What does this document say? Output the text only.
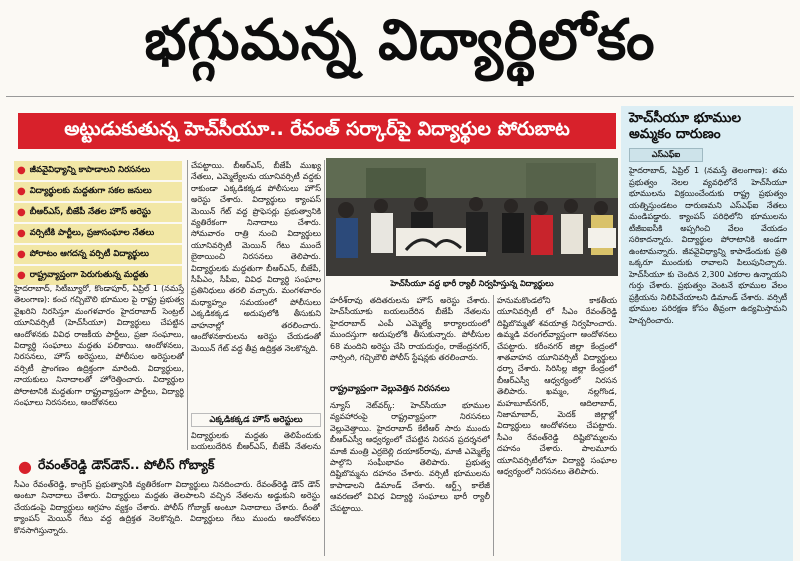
భగ్గుమన్న విద్యార్థిలోకం
అట్టుడుకుతున్న హెచ్‌సీయూ.. రేవంత్ సర్కార్‌పై విద్యార్థుల పోరుబాట
● జీవవైవిధ్యాన్ని కాపాడాలని నిరసనలు
● విద్యార్థులకు మద్దతుగా సకల జనులు
● బీఆర్ఎస్, బీజేపీ నేతల హౌస్ అరెస్టు
● వర్సిటీకి పార్టీలు, ప్రజాసంఘాల నేతలు
● పోరాటం ఆగదన్న వర్సిటీ విద్యార్థులు
● రాష్ట్రవ్యాప్తంగా పెరుగుతున్న మద్దతు

హైదరాబాద్, సిటీబ్యూరో, కొండాపూర్, ఏప్రిల్ 1 (నమస్తే తెలంగాణ): కంచ గచ్చిబౌలి భూముల పై రాష్ట్ర ప్రభుత్వ వైఖరిని నిరసిస్తూ మంగళవారం హైదరాబాద్ సెంట్రల్ యూనివర్సిటీ (హెచ్‌సీయూ) విద్యార్థులు చేపట్టిన ఆందోళనకు వివిధ రాజకీయ పార్టీలు, ప్రజా సంఘాలు, విద్యార్థి సంఘాలు మద్దతు పలికాయి. ఆందోళనలు, నిరసనలు, హౌస్ అరెస్టులు, పోలీసుల అరెస్టులతో వర్సిటీ ప్రాంగణం ఉద్రిక్తంగా మారింది. విద్యార్థులు, నాయకులు నినాదాలతో హోరెత్తించారు. విద్యార్థుల పోరాటానికి మద్దతుగా రాష్ట్రవ్యాప్తంగా పార్టీలు, విద్యార్థి సంఘాలు నిరసనలు, ఆందోళనలు

చేపట్టాయి. బీఆర్ఎస్, బీజేపీ ముఖ్య నేతలు, ఎమ్మెల్యేలను యూనివర్సిటీ వద్దకు రాకుండా ఎక్కడికక్కడ పోలీసులు హౌస్ అరెస్టు చేశారు. విద్యార్థులు క్యాంపస్ మెయిన్ గేట్ వద్ద ప్రొఫెసర్లు ప్రభుత్వానికి వ్యతిరేకంగా నినాదాలు చేశారు. సోమవారం రాత్రి నుంచి విద్యార్థులు యూనివర్సిటీ మెయిన్ గేటు ముందే బైఠాయించి నిరసనలు తెలిపారు. విద్యార్థులకు మద్దతుగా బీఆర్ఎస్, బీజేపీ, సీపీఎం, సీపీఐ, వివిధ విద్యార్థి సంఘాల ప్రతినిధులు తరలి వచ్చారు. మంగళవారం మధ్యాహ్నం సమయంలో పోలీసులు ఎక్కడికక్కడ అదుపులోకి తీసుకుని వాహనాల్లో తరలించారు. ఆందోళనకారులను అరెస్టు చేయడంతో మెయిన్ గేట్ వద్ద తీవ్ర ఉద్రిక్తత నెలకొన్నది.

ఎక్కడికక్కడ హౌస్ అరెస్టులు

విద్యార్థులకు మద్దతు తెలిపేందుకు బయలుదేరిన బీఆర్ఎస్, బీజేపీ నేతలను

హెచ్‌సీయూ వద్ద భారీ ర్యాలీ నిర్వహిస్తున్న విద్యార్థులు

హరీశ్‌రావు తదితరులను హౌస్ అరెస్టు చేశారు. హెచ్‌సీయూకు బయలుదేరిన బీజేపీ నేతలను హైదరాబాద్ ఎంపీ ఎమ్మెల్యే కార్యాలయంలో ముందస్తుగా అదుపులోకి తీసుకున్నారు. పోలీసుల 68 మందిని అరెస్టు చేసి రాయదుర్గం, రాజేంద్రనగర్, నార్సింగి, గచ్చిబౌలి పోలీస్ స్టేషన్లకు తరలించారు.

రాష్ట్రవ్యాప్తంగా వెల్లువెత్తిన నిరసనలు

న్యూస్ నెట్‌వర్క్: హెచ్‌సీయూ భూముల వ్యవహారంపై రాష్ట్రవ్యాప్తంగా నిరసనలు వెల్లువెత్తాయి. హైదరాబాద్ కేటీఆర్ సారు ముందు బీఆర్ఎస్వీ ఆధ్వర్యంలో చేపట్టిన నిరసన ప్రదర్శనలో మాజీ మంత్రి ఎర్రబెల్లి దయాకర్‌రావు, మాజీ ఎమ్మెల్యే పాల్గొని సంఘీభావం తెలిపారు. ప్రభుత్వ దిష్టిబొమ్మను దహనం చేశారు. వర్సిటీ భూములను కాపాడాలని డిమాండ్ చేశారు. ఆర్ట్స్ కాలేజీ ఆవరణలో వివిధ విద్యార్థి సంఘాలు భారీ ర్యాలీ చేపట్టాయి.

హనుమకొండలోని కాకతీయ యూనివర్సిటీ లో సీఎం రేవంత్‌రెడ్డి దిష్టిబొమ్మతో శవయాత్ర నిర్వహించారు. ఉమ్మడి వరంగల్‌వ్యాప్తంగా ఆందోళనలు చేపట్టారు. కరీంనగర్ జిల్లా కేంద్రంలో శాతవాహన యూనివర్సిటీ విద్యార్థులు ధర్నా చేశారు. సిరిసిల్ల జిల్లా కేంద్రంలో బీఆర్ఎస్వీ ఆధ్వర్యంలో నిరసన తెలిపారు. ఖమ్మం, నల్లగొండ, మహబూబ్‌నగర్, ఆదిలాబాద్, నిజామాబాద్, మెదక్ జిల్లాల్లో విద్యార్థులు ఆందోళనలు చేపట్టారు. సీఎం రేవంత్‌రెడ్డి దిష్టిబొమ్మలను దహనం చేశారు. పాలమూరు యూనివర్సిటీలోనూ విద్యార్థి సంఘాల ఆధ్వర్యంలో నిరసనలు తెలిపారు.

● రేవంత్‌రెడ్డి డౌన్‌డౌన్.. పోలీస్ గోబ్యాక్

సీఎం రేవంత్‌రెడ్డి, కాంగ్రెస్ ప్రభుత్వానికి వ్యతిరేకంగా విద్యార్థులు నినదించారు. రేవంత్‌రెడ్డి డౌన్ డౌన్ అంటూ నినాదాలు చేశారు. విద్యార్థులు మద్దతు తెలపాలని వచ్చిన నేతలను అడ్డుకుని అరెస్టు చేయడంపై విద్యార్థులు ఆగ్రహం వ్యక్తం చేశారు. పోలీస్ గోబ్యాక్ అంటూ నినాదాలు చేశారు. దీంతో క్యాంపస్ మెయిన్ గేటు వద్ద ఉద్రిక్తత నెలకొన్నది. విద్యార్థులు గేటు ముందు ఆందోళనలు కొనసాగిస్తున్నారు.

హెచ్‌సీయూ భూముల అమ్మకం దారుణం
ఎస్ఎఫ్ఐ

హైదరాబాద్, ఏప్రిల్ 1 (నమస్తే తెలంగాణ): తమ ప్రభుత్వం నెలల వ్యవధిలోనే హెచ్‌సీయూ భూములను విక్రయించేందుకు రాష్ట్ర ప్రభుత్వం యత్నిస్తుండటం దారుణమని ఎస్ఎఫ్ఐ నేతలు మండిపడ్డారు. క్యాంపస్ పరిధిలోని భూములను టీజీఐఐసీకి అప్పగించి వేలం వేయడం సరికాదన్నారు. విద్యార్థుల పోరాటానికి అండగా ఉంటామన్నారు. జీవవైవిధ్యాన్ని కాపాడేందుకు ప్రతి ఒక్కరూ ముందుకు రావాలని పిలుపునిచ్చారు. హెచ్‌సీయూ కు చెందిన 2,300 ఎకరాల ఉన్నాయని గుర్తు చేశారు. ప్రభుత్వం వెంటనే భూముల వేలం ప్రక్రియను నిలిపివేయాలని డిమాండ్ చేశారు. వర్సిటీ భూముల పరిరక్షణ కోసం తీవ్రంగా ఉద్యమిస్తామని హెచ్చరించారు.
